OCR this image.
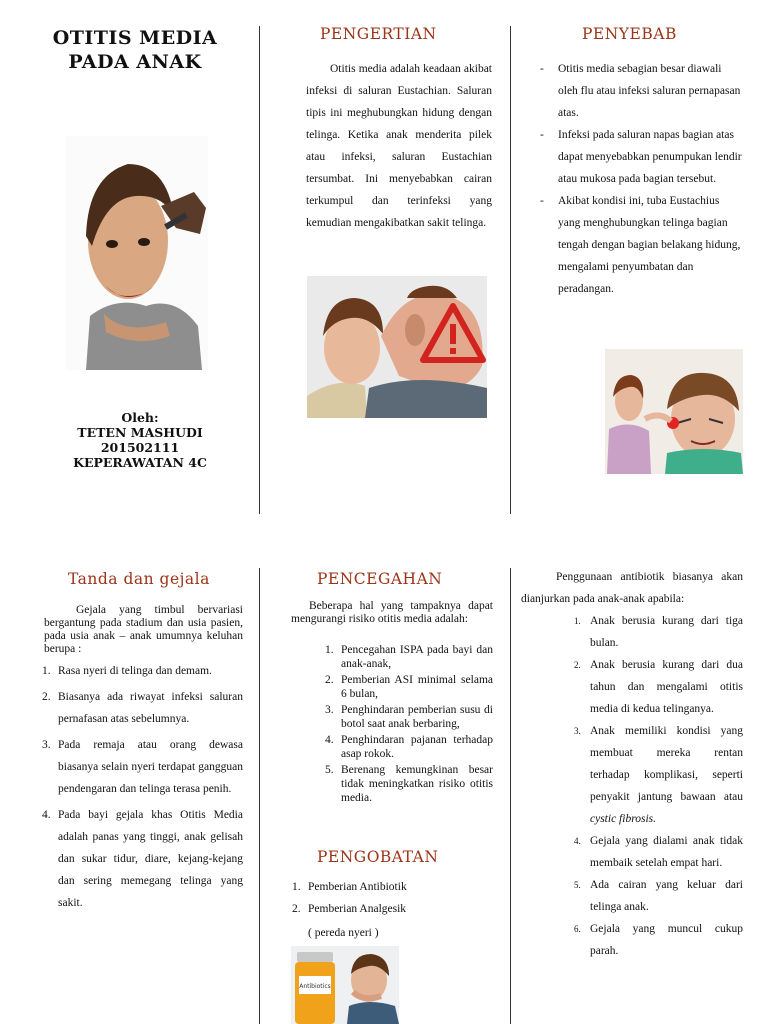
OTITIS MEDIA PADA ANAK
Oleh:
TETEN MASHUDI
201502111
KEPERAWATAN 4C
PENGERTIAN
Otitis media adalah keadaan akibat infeksi di saluran Eustachian. Saluran tipis ini meghubungkan hidung dengan telinga. Ketika anak menderita pilek atau infeksi, saluran Eustachian tersumbat. Ini menyebabkan cairan terkumpul dan terinfeksi yang kemudian mengakibatkan sakit telinga.
PENYEBAB
- Otitis media sebagian besar diawali oleh flu atau infeksi saluran pernapasan atas.
- Infeksi pada saluran napas bagian atas dapat menyebabkan penumpukan lendir atau mukosa pada bagian tersebut.
- Akibat kondisi ini, tuba Eustachius yang menghubungkan telinga bagian tengah dengan bagian belakang hidung, mengalami penyumbatan dan peradangan.
Tanda dan gejala
Gejala yang timbul bervariasi bergantung pada stadium dan usia pasien, pada usia anak – anak umumnya keluhan berupa :
1. Rasa nyeri di telinga dan demam.
2. Biasanya ada riwayat infeksi saluran pernafasan atas sebelumnya.
3. Pada remaja atau orang dewasa biasanya selain nyeri terdapat gangguan pendengaran dan telinga terasa penih.
4. Pada bayi gejala khas Otitis Media adalah panas yang tinggi, anak gelisah dan sukar tidur, diare, kejang-kejang dan sering memegang telinga yang sakit.
PENCEGAHAN
Beberapa hal yang tampaknya dapat mengurangi risiko otitis media adalah:
1. Pencegahan ISPA pada bayi dan anak-anak,
2. Pemberian ASI minimal selama 6 bulan,
3. Penghindaran pemberian susu di botol saat anak berbaring,
4. Penghindaran pajanan terhadap asap rokok.
5. Berenang kemungkinan besar tidak meningkatkan risiko otitis media.
PENGOBATAN
1. Pemberian Antibiotik
2. Pemberian Analgesik
( pereda nyeri )
Antibiotics
Penggunaan antibiotik biasanya akan dianjurkan pada anak-anak apabila:
1. Anak berusia kurang dari tiga bulan.
2. Anak berusia kurang dari dua tahun dan mengalami otitis media di kedua telinganya.
3. Anak memiliki kondisi yang membuat mereka rentan terhadap komplikasi, seperti penyakit jantung bawaan atau cystic fibrosis.
4. Gejala yang dialami anak tidak membaik setelah empat hari.
5. Ada cairan yang keluar dari telinga anak.
6. Gejala yang muncul cukup parah.
